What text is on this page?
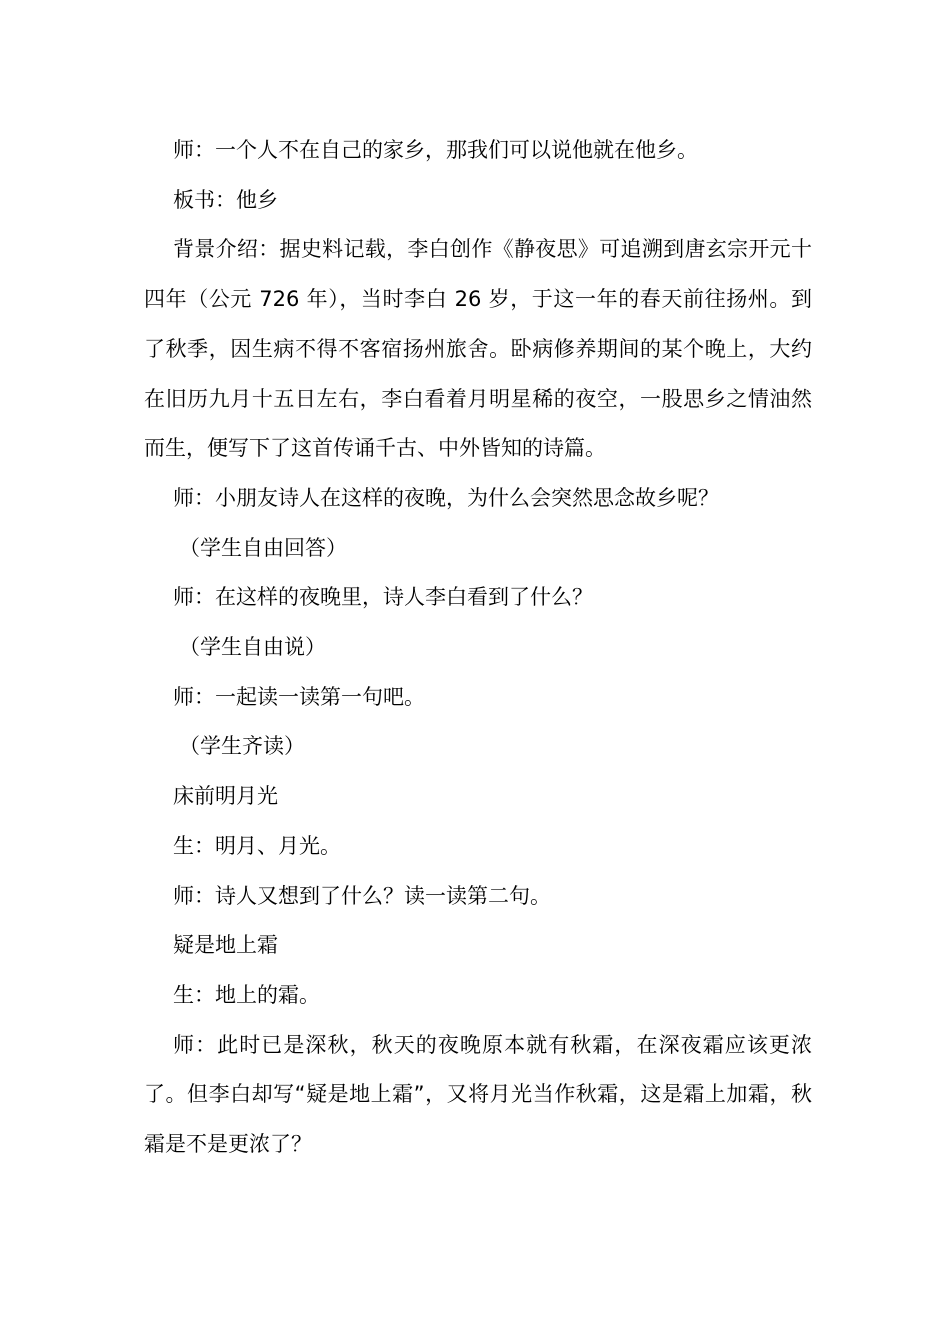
师：一个人不在自己的家乡，那我们可以说他就在他乡。

板书：他乡

背景介绍：据史料记载，李白创作《静夜思》可追溯到唐玄宗开元十四年（公元 726 年），当时李白 26 岁，于这一年的春天前往扬州。到了秋季，因生病不得不客宿扬州旅舍。卧病修养期间的某个晚上，大约在旧历九月十五日左右，李白看着月明星稀的夜空，一股思乡之情油然而生，便写下了这首传诵千古、中外皆知的诗篇。

师：小朋友诗人在这样的夜晚，为什么会突然思念故乡呢？

（学生自由回答）

师：在这样的夜晚里，诗人李白看到了什么？

（学生自由说）

师：一起读一读第一句吧。

（学生齐读）

床前明月光

生：明月、月光。

师：诗人又想到了什么？读一读第二句。

疑是地上霜

生：地上的霜。

师：此时已是深秋，秋天的夜晚原本就有秋霜，在深夜霜应该更浓了。但李白却写“疑是地上霜”，又将月光当作秋霜，这是霜上加霜，秋霜是不是更浓了？
